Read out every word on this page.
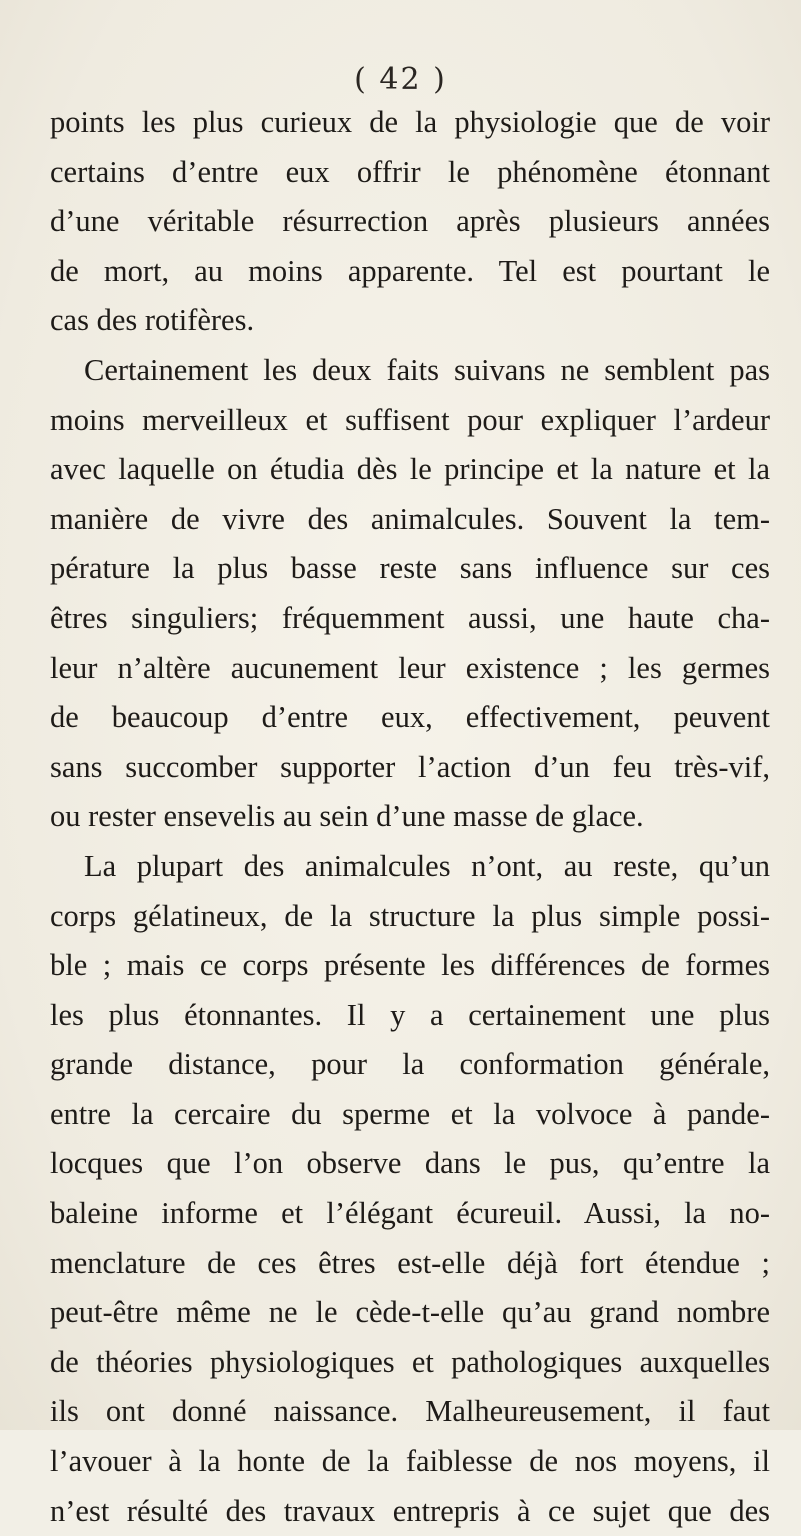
( 42 )
points les plus curieux de la physiologie que de voir
certains d’entre eux offrir le phénomène étonnant
d’une véritable résurrection après plusieurs années
de mort, au moins apparente. Tel est pourtant le
cas des rotifères.
Certainement les deux faits suivans ne semblent pas
moins merveilleux et suffisent pour expliquer l’ardeur
avec laquelle on étudia dès le principe et la nature et la
manière de vivre des animalcules. Souvent la tem-
pérature la plus basse reste sans influence sur ces
êtres singuliers; fréquemment aussi, une haute cha-
leur n’altère aucunement leur existence ; les germes
de beaucoup d’entre eux, effectivement, peuvent
sans succomber supporter l’action d’un feu très-vif,
ou rester ensevelis au sein d’une masse de glace.
La plupart des animalcules n’ont, au reste, qu’un
corps gélatineux, de la structure la plus simple possi-
ble ; mais ce corps présente les différences de formes
les plus étonnantes. Il y a certainement une plus
grande distance, pour la conformation générale,
entre la cercaire du sperme et la volvoce à pande-
locques que l’on observe dans le pus, qu’entre la
baleine informe et l’élégant écureuil. Aussi, la no-
menclature de ces êtres est-elle déjà fort étendue ;
peut-être même ne le cède-t-elle qu’au grand nombre
de théories physiologiques et pathologiques auxquelles
ils ont donné naissance. Malheureusement, il faut
l’avouer à la honte de la faiblesse de nos moyens, il
n’est résulté des travaux entrepris à ce sujet que des
